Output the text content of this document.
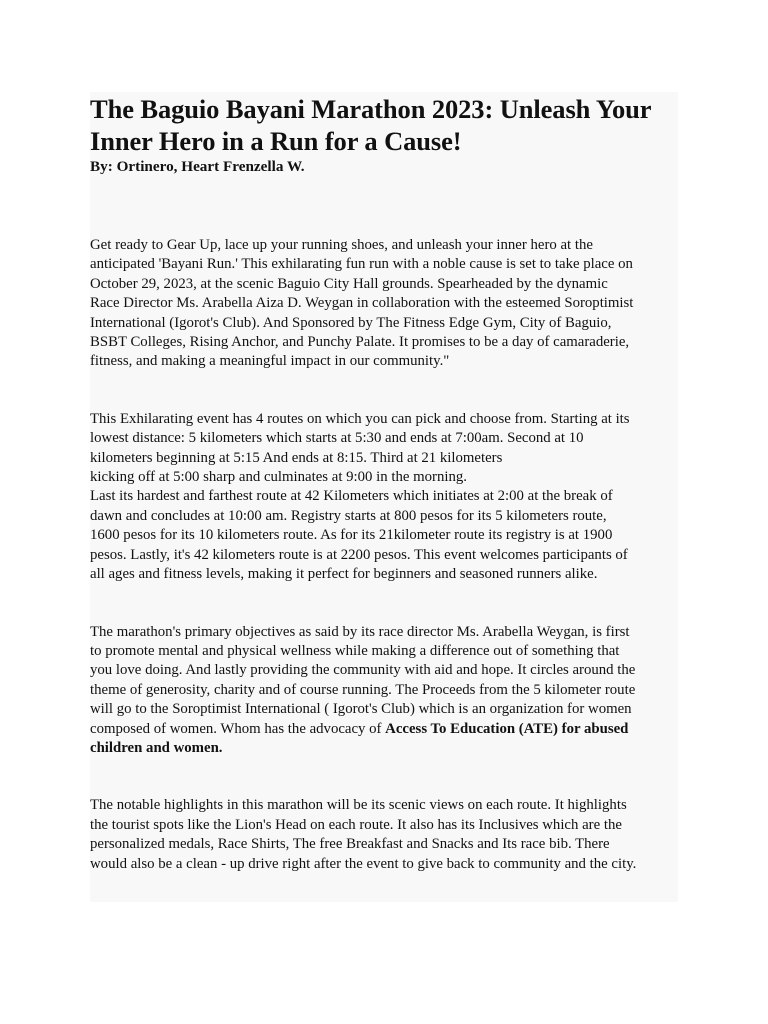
The Baguio Bayani Marathon 2023: Unleash Your
Inner Hero in a Run for a Cause!

By: Ortinero, Heart Frenzella W.

Get ready to Gear Up, lace up your running shoes, and unleash your inner hero at the
anticipated 'Bayani Run.' This exhilarating fun run with a noble cause is set to take place on
October 29, 2023, at the scenic Baguio City Hall grounds. Spearheaded by the dynamic
Race Director Ms. Arabella Aiza D. Weygan in collaboration with the esteemed Soroptimist
International (Igorot's Club). And Sponsored by The Fitness Edge Gym, City of Baguio,
BSBT Colleges, Rising Anchor, and Punchy Palate. It promises to be a day of camaraderie,
fitness, and making a meaningful impact in our community."

This Exhilarating event has 4 routes on which you can pick and choose from. Starting at its
lowest distance: 5 kilometers which starts at 5:30 and ends at 7:00am. Second at 10
kilometers beginning at 5:15 And ends at 8:15. Third at 21 kilometers
kicking off at 5:00 sharp and culminates at 9:00 in the morning.
Last its hardest and farthest route at 42 Kilometers which initiates at 2:00 at the break of
dawn and concludes at 10:00 am. Registry starts at 800 pesos for its 5 kilometers route,
1600 pesos for its 10 kilometers route. As for its 21kilometer route its registry is at 1900
pesos. Lastly, it's 42 kilometers route is at 2200 pesos. This event welcomes participants of
all ages and fitness levels, making it perfect for beginners and seasoned runners alike.

The marathon's primary objectives as said by its race director Ms. Arabella Weygan, is first
to promote mental and physical wellness while making a difference out of something that
you love doing. And lastly providing the community with aid and hope. It circles around the
theme of generosity, charity and of course running. The Proceeds from the 5 kilometer route
will go to the Soroptimist International ( Igorot's Club) which is an organization for women
composed of women. Whom has the advocacy of Access To Education (ATE) for abused
children and women.

The notable highlights in this marathon will be its scenic views on each route. It highlights
the tourist spots like the Lion's Head on each route. It also has its Inclusives which are the
personalized medals, Race Shirts, The free Breakfast and Snacks and Its race bib. There
would also be a clean - up drive right after the event to give back to community and the city.
